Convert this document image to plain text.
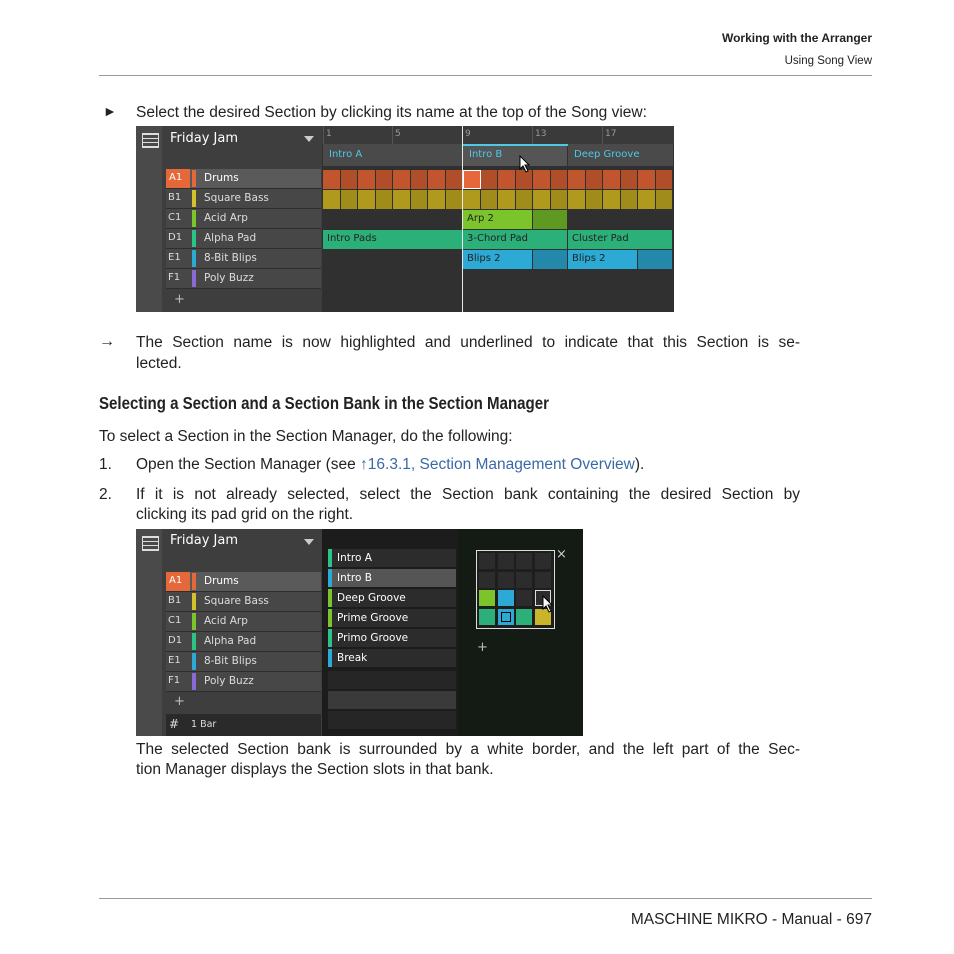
Working with the Arranger
Using Song View
► Select the desired Section by clicking its name at the top of the Song view:
Friday Jam
A1	Drums
B1 Square Bass
C1 Acid Arp
D1 Alpha Pad
E1 8-Bit Blips
F1 Poly Buzz
+
1	5	9	13	17
Intro A	Intro B	Deep Groove
Arp 2
Intro Pads	3-Chord Pad	Cluster Pad
Blips 2	Blips 2
→ The Section name is now highlighted and underlined to indicate that this Section is se-
lected.
Selecting a Section and a Section Bank in the Section Manager
To select a Section in the Section Manager, do the following:
1. Open the Section Manager (see ↑16.3.1, Section Management Overview).
2. If it is not already selected, select the Section bank containing the desired Section by
clicking its pad grid on the right.
Friday Jam
A1	Drums
B1 Square Bass
C1 Acid Arp
D1 Alpha Pad
E1 8-Bit Blips
F1 Poly Buzz
+
# 1 Bar
Intro A
Intro B
Deep Groove
Prime Groove
Primo Groove
Break
×
+
The selected Section bank is surrounded by a white border, and the left part of the Sec-
tion Manager displays the Section slots in that bank.
MASCHINE MIKRO - Manual - 697
